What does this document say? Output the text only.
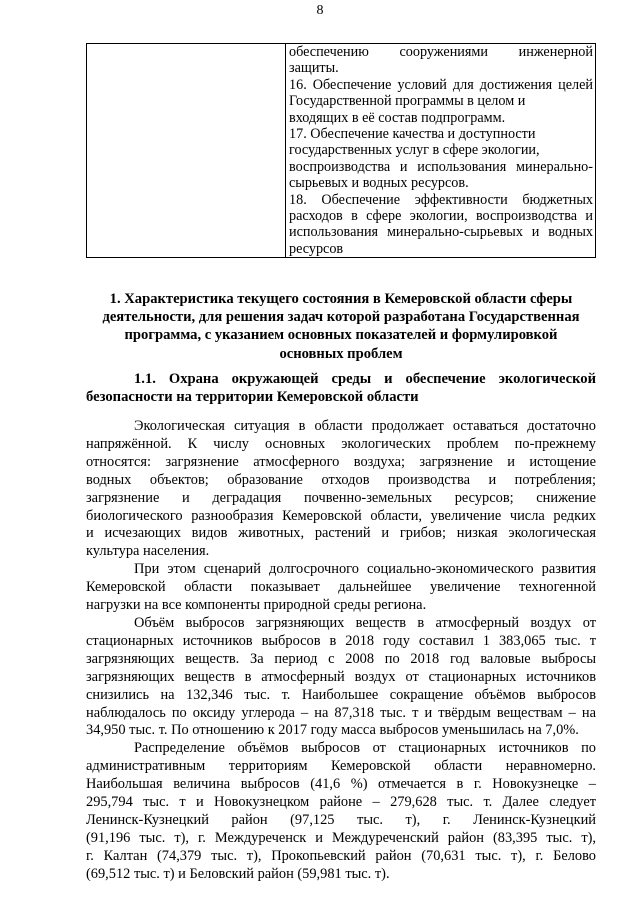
8

обеспечению сооружениями инженерной
защиты.
16. Обеспечение условий для достижения целей
Государственной программы в целом и
входящих в её состав подпрограмм.
17. Обеспечение качества и доступности
государственных услуг в сфере экологии,
воспроизводства и использования минерально-
сырьевых и водных ресурсов.
18. Обеспечение эффективности бюджетных
расходов в сфере экологии, воспроизводства и
использования минерально-сырьевых и водных
ресурсов
1. Характеристика текущего состояния в Кемеровской области сферы
деятельности, для решения задач которой разработана Государственная
программа, с указанием основных показателей и формулировкой
основных проблем
1.1. Охрана окружающей среды и обеспечение экологической
безопасности на территории Кемеровской области
Экологическая ситуация в области продолжает оставаться достаточно
напряжённой. К числу основных экологических проблем по-прежнему
относятся: загрязнение атмосферного воздуха; загрязнение и истощение
водных объектов; образование отходов производства и потребления;
загрязнение и деградация почвенно-земельных ресурсов; снижение
биологического разнообразия Кемеровской области, увеличение числа редких
и исчезающих видов животных, растений и грибов; низкая экологическая
культура населения.
При этом сценарий долгосрочного социально-экономического развития
Кемеровской области показывает дальнейшее увеличение техногенной
нагрузки на все компоненты природной среды региона.
Объём выбросов загрязняющих веществ в атмосферный воздух от
стационарных источников выбросов в 2018 году составил 1 383,065 тыс. т
загрязняющих веществ. За период с 2008 по 2018 год валовые выбросы
загрязняющих веществ в атмосферный воздух от стационарных источников
снизились на 132,346 тыс. т. Наибольшее сокращение объёмов выбросов
наблюдалось по оксиду углерода – на 87,318 тыс. т и твёрдым веществам – на
34,950 тыс. т. По отношению к 2017 году масса выбросов уменьшилась на 7,0%.
Распределение объёмов выбросов от стационарных источников по
административным территориям Кемеровской области неравномерно.
Наибольшая величина выбросов (41,6 %) отмечается в г. Новокузнецке –
295,794 тыс. т и Новокузнецком районе – 279,628 тыс. т. Далее следует
Ленинск-Кузнецкий район (97,125 тыс. т), г. Ленинск-Кузнецкий
(91,196 тыс. т), г. Междуреченск и Междуреченский район (83,395 тыс. т),
г. Калтан (74,379 тыс. т), Прокопьевский район (70,631 тыс. т), г. Белово
(69,512 тыс. т) и Беловский район (59,981 тыс. т).
